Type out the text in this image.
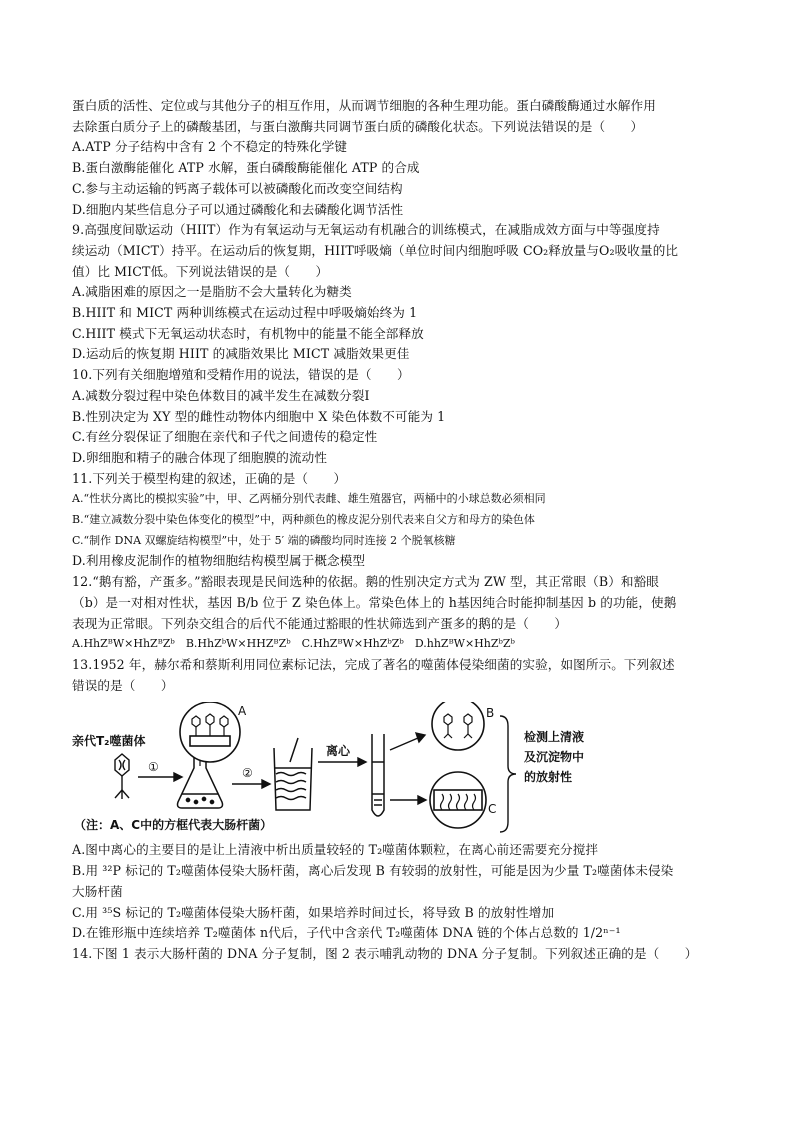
蛋白质的活性、定位或与其他分子的相互作用，从而调节细胞的各种生理功能。蛋白磷酸酶通过水解作用
去除蛋白质分子上的磷酸基团，与蛋白激酶共同调节蛋白质的磷酸化状态。下列说法错误的是（　　）
A.ATP 分子结构中含有 2 个不稳定的特殊化学键
B.蛋白激酶能催化 ATP 水解，蛋白磷酸酶能催化 ATP 的合成
C.参与主动运输的钙离子载体可以被磷酸化而改变空间结构
D.细胞内某些信息分子可以通过磷酸化和去磷酸化调节活性
9.高强度间歇运动（HIIT）作为有氧运动与无氧运动有机融合的训练模式，在减脂成效方面与中等强度持
续运动（MICT）持平。在运动后的恢复期，HIIT呼吸熵（单位时间内细胞呼吸 CO₂释放量与O₂吸收量的比
值）比 MICT低。下列说法错误的是（　　）
A.减脂困难的原因之一是脂肪不会大量转化为糖类
B.HIIT 和 MICT 两种训练模式在运动过程中呼吸熵始终为 1
C.HIIT 模式下无氧运动状态时，有机物中的能量不能全部释放
D.运动后的恢复期 HIIT 的减脂效果比 MICT 减脂效果更佳
10.下列有关细胞增殖和受精作用的说法，错误的是（　　）
A.减数分裂过程中染色体数目的减半发生在减数分裂Ⅰ
B.性别决定为 XY 型的雌性动物体内细胞中 X 染色体数不可能为 1
C.有丝分裂保证了细胞在亲代和子代之间遗传的稳定性
D.卵细胞和精子的融合体现了细胞膜的流动性
11.下列关于模型构建的叙述，正确的是（　　）
A.“性状分离比的模拟实验”中，甲、乙两桶分别代表雌、雄生殖器官，两桶中的小球总数必须相同
B.“建立减数分裂中染色体变化的模型”中，两种颜色的橡皮泥分别代表来自父方和母方的染色体
C.“制作 DNA 双螺旋结构模型”中，处于 5′ 端的磷酸均同时连接 2 个脱氧核糖
D.利用橡皮泥制作的植物细胞结构模型属于概念模型
12.“鹅有豁，产蛋多。”豁眼表现是民间选种的依据。鹅的性别决定方式为 ZW 型，其正常眼（B）和豁眼
（b）是一对相对性状，基因 B/b 位于 Z 染色体上。常染色体上的 h基因纯合时能抑制基因 b 的功能，使鹅
表现为正常眼。下列杂交组合的后代不能通过豁眼的性状筛选到产蛋多的鹅的是（　　）
A.HhZᴮW×HhZᴮZᵇ　B.HhZᵇW×HHZᴮZᵇ　C.HhZᴮW×HhZᵇZᵇ　D.hhZᴮW×HhZᵇZᵇ
13.1952 年，赫尔希和蔡斯利用同位素标记法，完成了著名的噬菌体侵染细菌的实验，如图所示。下列叙述
错误的是（　　）
亲代T₂噬菌体
①	②
离心
A	B
C
检测上清液
及沉淀物中
的放射性
（注：A、C中的方框代表大肠杆菌）
A.图中离心的主要目的是让上清液中析出质量较轻的 T₂噬菌体颗粒，在离心前还需要充分搅拌
B.用 ³²P 标记的 T₂噬菌体侵染大肠杆菌，离心后发现 B 有较弱的放射性，可能是因为少量 T₂噬菌体未侵染
大肠杆菌
C.用 ³⁵S 标记的 T₂噬菌体侵染大肠杆菌，如果培养时间过长，将导致 B 的放射性增加
D.在锥形瓶中连续培养 T₂噬菌体 n代后，子代中含亲代 T₂噬菌体 DNA 链的个体占总数的 1/2ⁿ⁻¹
14.下图 1 表示大肠杆菌的 DNA 分子复制，图 2 表示哺乳动物的 DNA 分子复制。下列叙述正确的是（　　）
